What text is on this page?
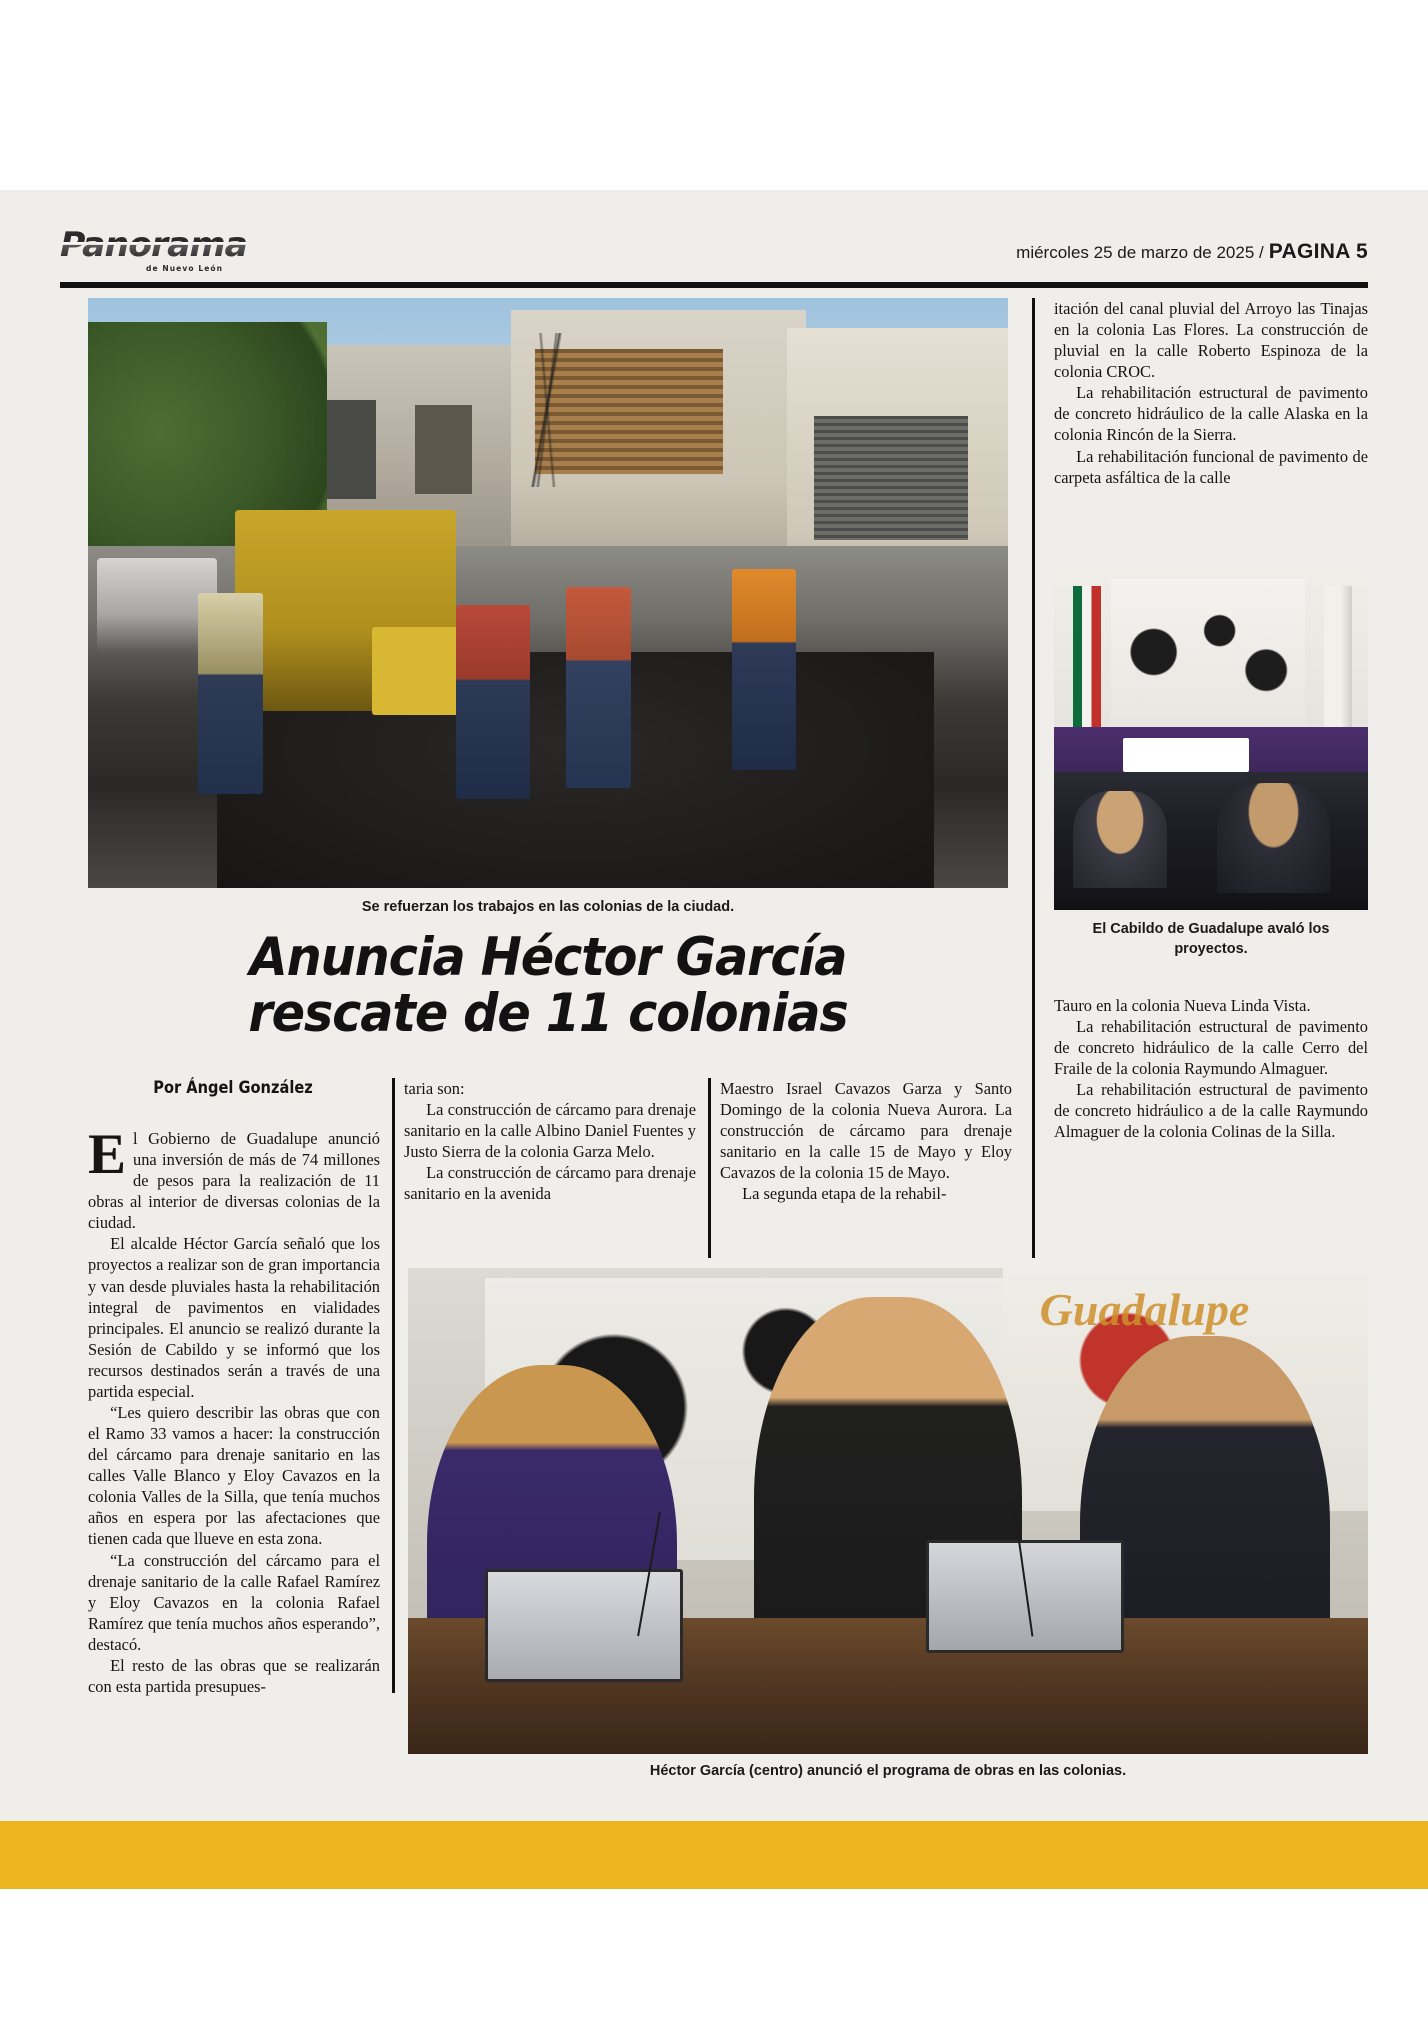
Panorama
de Nuevo León
miércoles 25 de marzo de 2025 / PAGINA 5
Se refuerzan los trabajos en las colonias de la ciudad.
Anuncia Héctor García
rescate de 11 colonias
Por Ángel González

El Gobierno de Guadalupe anunció una inversión de más de 74 millones de pesos para la realización de 11 obras al interior de diversas colonias de la ciudad.

El alcalde Héctor García señaló que los proyectos a realizar son de gran importancia y van desde pluviales hasta la rehabilitación integral de pavimentos en vialidades principales. El anuncio se realizó durante la Sesión de Cabildo y se informó que los recursos destinados serán a través de una partida especial.

“Les quiero describir las obras que con el Ramo 33 vamos a hacer: la construcción del cárcamo para drenaje sanitario en las calles Valle Blanco y Eloy Cavazos en la colonia Valles de la Silla, que tenía muchos años en espera por las afectaciones que tienen cada que llueve en esta zona.

“La construcción del cárcamo para el drenaje sanitario de la calle Rafael Ramírez y Eloy Cavazos en la colonia Rafael Ramírez que tenía muchos años esperando”, destacó.

El resto de las obras que se realizarán con esta partida presupues-

taria son:

La construcción de cárcamo para drenaje sanitario en la calle Albino Daniel Fuentes y Justo Sierra de la colonia Garza Melo.

La construcción de cárcamo para drenaje sanitario en la avenida

Maestro Israel Cavazos Garza y Santo Domingo de la colonia Nueva Aurora. La construcción de cárcamo para drenaje sanitario en la calle 15 de Mayo y Eloy Cavazos de la colonia 15 de Mayo.

La segunda etapa de la rehabil-

itación del canal pluvial del Arroyo las Tinajas en la colonia Las Flores. La construcción de pluvial en la calle Roberto Espinoza de la colonia CROC.

La rehabilitación estructural de pavimento de concreto hidráulico de la calle Alaska en la colonia Rincón de la Sierra.

La rehabilitación funcional de pavimento de carpeta asfáltica de la calle

El Cabildo de Guadalupe avaló los proyectos.

Tauro en la colonia Nueva Linda Vista.

La rehabilitación estructural de pavimento de concreto hidráulico de la calle Cerro del Fraile de la colonia Raymundo Almaguer.

La rehabilitación estructural de pavimento de concreto hidráulico a de la calle Raymundo Almaguer de la colonia Colinas de la Silla.

Guadalupe
Héctor García (centro) anunció el programa de obras en las colonias.
